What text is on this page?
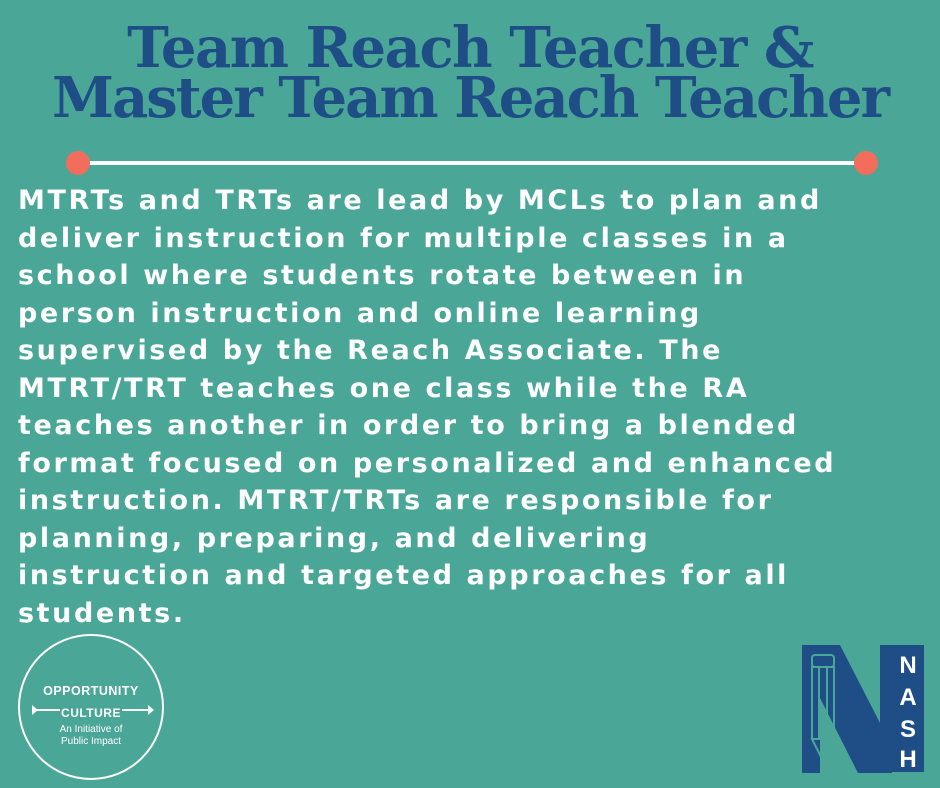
Team Reach Teacher &
Master Team Reach Teacher
MTRTs and TRTs are lead by MCLs to plan and
deliver instruction for multiple classes in a
school where students rotate between in
person instruction and online learning
supervised by the Reach Associate. The
MTRT/TRT teaches one class while the RA
teaches another in order to bring a blended
format focused on personalized and enhanced
instruction. MTRT/TRTs are responsible for
planning, preparing, and delivering
instruction and targeted approaches for all
students.
OPPORTUNITY
CULTURE
An Initiative of
Public Impact
N
A
S
H
